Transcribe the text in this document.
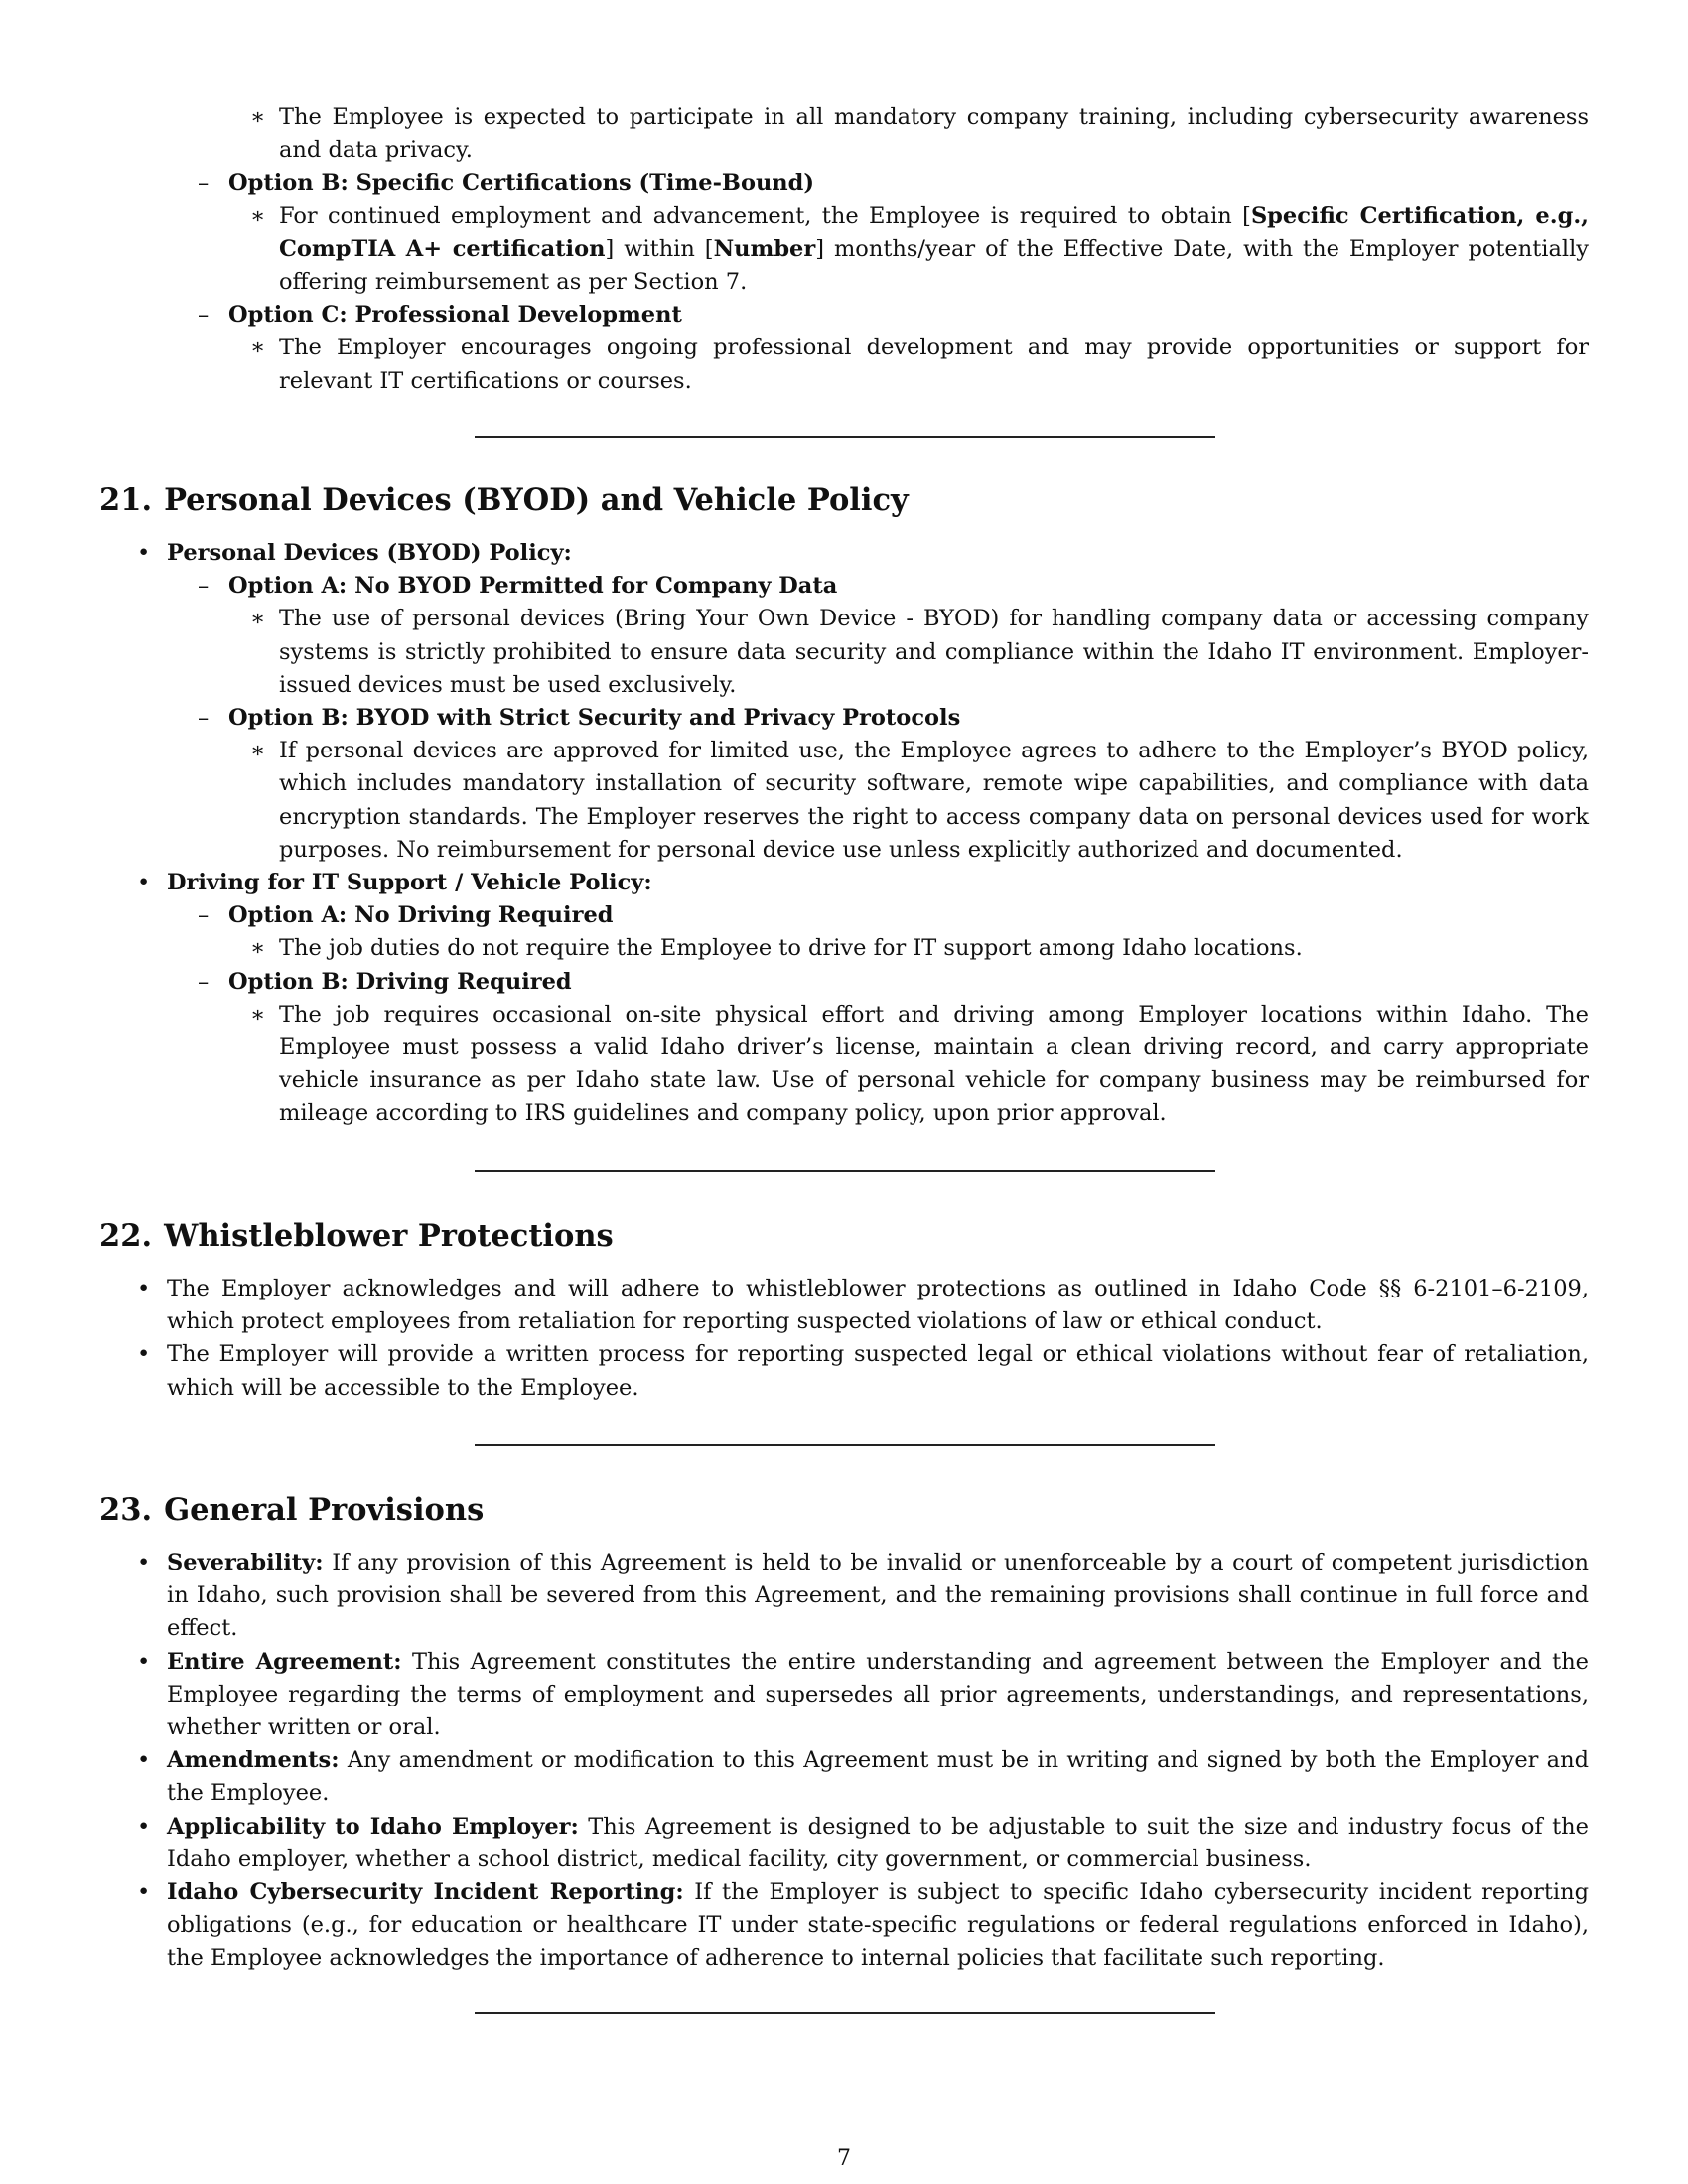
∗ The Employee is expected to participate in all mandatory company training, including cybersecurity awareness and data privacy.
– Option B: Specific Certifications (Time-Bound)
∗ For continued employment and advancement, the Employee is required to obtain [Specific Certification, e.g., CompTIA A+ certification] within [Number] months/year of the Effective Date, with the Employer potentially offering reimbursement as per Section 7.
– Option C: Professional Development
∗ The Employer encourages ongoing professional development and may provide opportunities or support for relevant IT certifications or courses.
21. Personal Devices (BYOD) and Vehicle Policy
• Personal Devices (BYOD) Policy:
– Option A: No BYOD Permitted for Company Data
∗ The use of personal devices (Bring Your Own Device - BYOD) for handling company data or accessing company systems is strictly prohibited to ensure data security and compliance within the Idaho IT environment. Employer-issued devices must be used exclusively.
– Option B: BYOD with Strict Security and Privacy Protocols
∗ If personal devices are approved for limited use, the Employee agrees to adhere to the Employer’s BYOD policy, which includes mandatory installation of security software, remote wipe capabilities, and compliance with data encryption standards. The Employer reserves the right to access company data on personal devices used for work purposes. No reimbursement for personal device use unless explicitly authorized and documented.
• Driving for IT Support / Vehicle Policy:
– Option A: No Driving Required
∗ The job duties do not require the Employee to drive for IT support among Idaho locations.
– Option B: Driving Required
∗ The job requires occasional on-site physical effort and driving among Employer locations within Idaho. The Employee must possess a valid Idaho driver’s license, maintain a clean driving record, and carry appropriate vehicle insurance as per Idaho state law. Use of personal vehicle for company business may be reimbursed for mileage according to IRS guidelines and company policy, upon prior approval.
22. Whistleblower Protections
• The Employer acknowledges and will adhere to whistleblower protections as outlined in Idaho Code §§ 6-2101–6-2109, which protect employees from retaliation for reporting suspected violations of law or ethical conduct.
• The Employer will provide a written process for reporting suspected legal or ethical violations without fear of retaliation, which will be accessible to the Employee.
23. General Provisions
• Severability: If any provision of this Agreement is held to be invalid or unenforceable by a court of competent jurisdiction in Idaho, such provision shall be severed from this Agreement, and the remaining provisions shall continue in full force and effect.
• Entire Agreement: This Agreement constitutes the entire understanding and agreement between the Employer and the Employee regarding the terms of employment and supersedes all prior agreements, understandings, and representations, whether written or oral.
• Amendments: Any amendment or modification to this Agreement must be in writing and signed by both the Employer and the Employee.
• Applicability to Idaho Employer: This Agreement is designed to be adjustable to suit the size and industry focus of the Idaho employer, whether a school district, medical facility, city government, or commercial business.
• Idaho Cybersecurity Incident Reporting: If the Employer is subject to specific Idaho cybersecurity incident reporting obligations (e.g., for education or healthcare IT under state-specific regulations or federal regulations enforced in Idaho), the Employee acknowledges the importance of adherence to internal policies that facilitate such reporting.
7
